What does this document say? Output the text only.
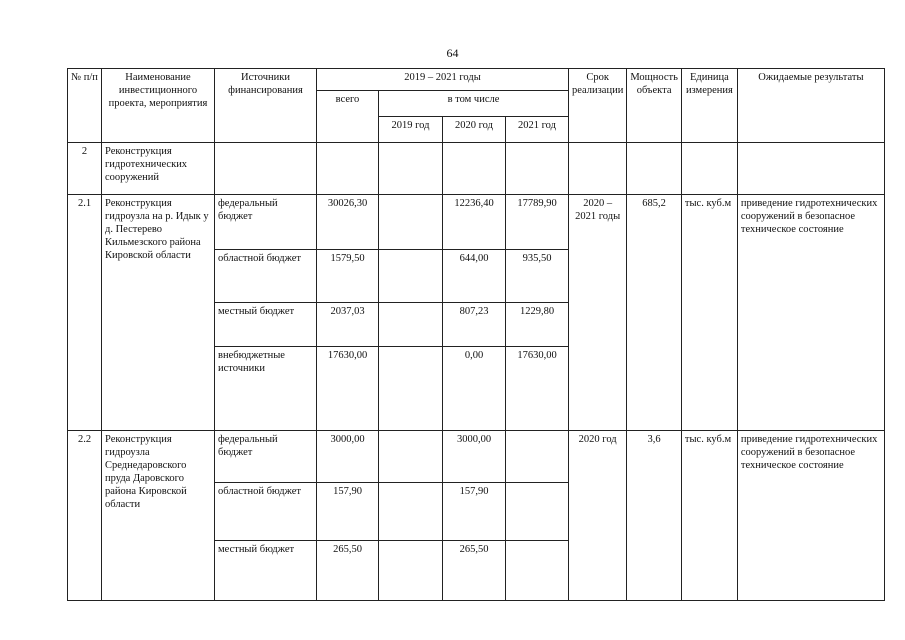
64
№ п/п	Наименование инвестиционного проекта, мероприятия	Источники финансирования	2019 – 2021 годы				Срок реализации	Мощность объекта	Единица измерения	Ожидаемые результаты
			всего	в том числе						
				2019 год	2020 год	2021 год				
2	Реконструкция гидротехнических сооружений									
2.1	Реконструкция гидроузла на р. Идык у д. Пестерево Кильмезского района Кировской области	федеральный бюджет	30026,30		12236,40	17789,90	2020 – 2021 годы	685,2	тыс. куб.м	приведение гидротехнических сооружений в безопасное техническое состояние
		областной бюджет	1579,50		644,00	935,50				
		местный бюджет	2037,03		807,23	1229,80				
		внебюджетные источники	17630,00		0,00	17630,00				
2.2	Реконструкция гидроузла Среднедаровского пруда Даровского района Кировской области	федеральный бюджет	3000,00		3000,00		2020 год	3,6	тыс. куб.м	приведение гидротехнических сооружений в безопасное техническое состояние
		областной бюджет	157,90		157,90					
		местный бюджет	265,50		265,50					
